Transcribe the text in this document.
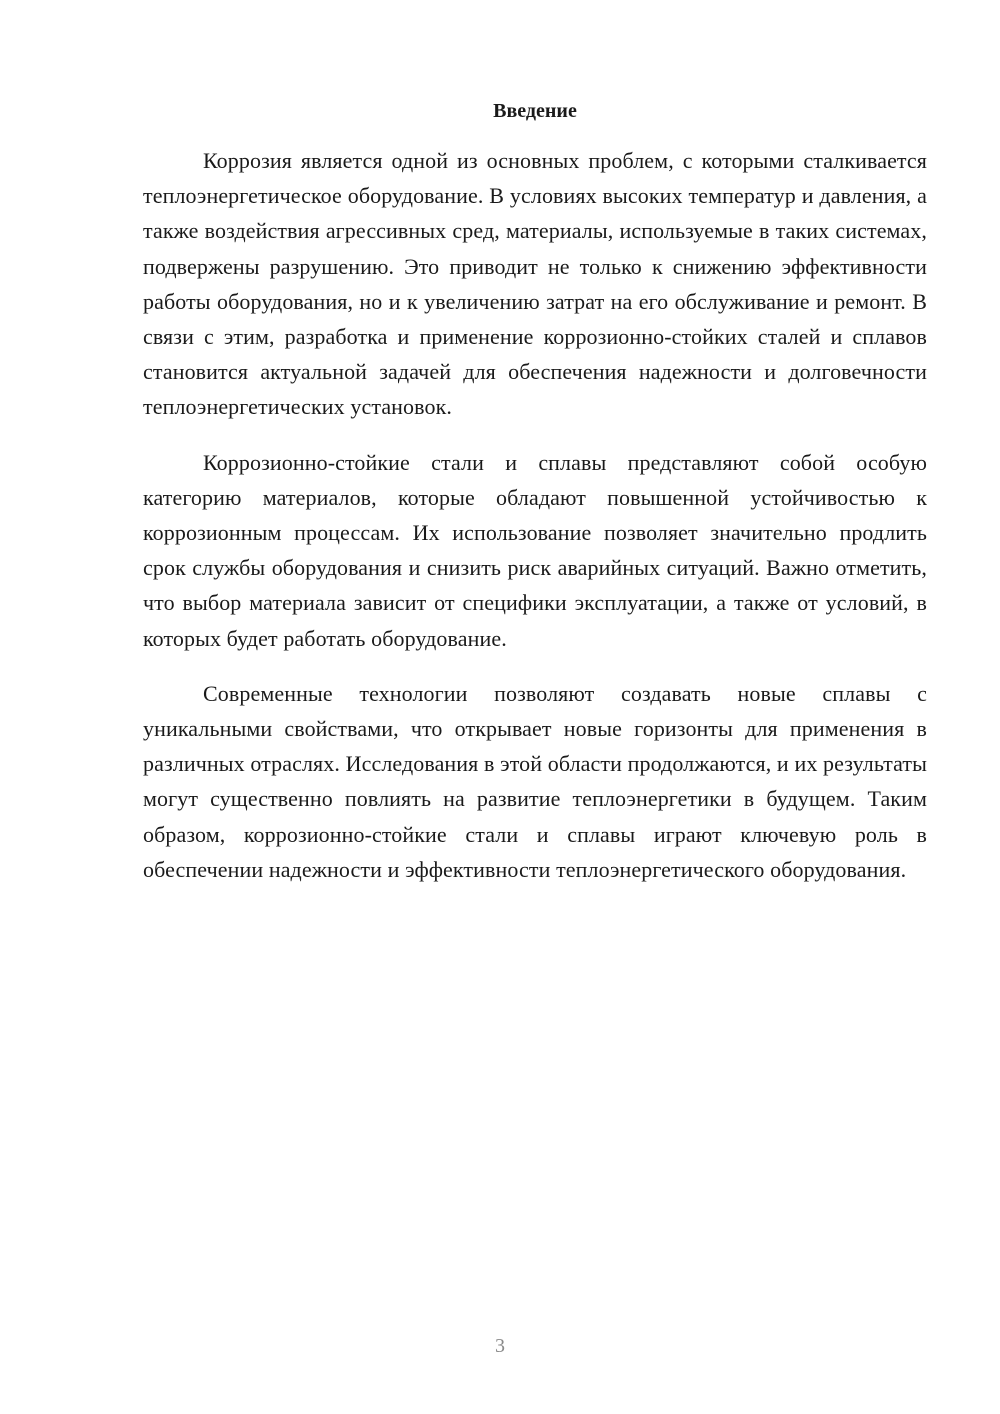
Введение

Коррозия является одной из основных проблем, с которыми сталкивается теплоэнергетическое оборудование. В условиях высоких температур и давления, а также воздействия агрессивных сред, материалы, используемые в таких системах, подвержены разрушению. Это приводит не только к снижению эффективности работы оборудования, но и к увеличению затрат на его обслуживание и ремонт. В связи с этим, разработка и применение коррозионно-стойких сталей и сплавов становится актуальной задачей для обеспечения надежности и долговечности теплоэнергетических установок.

Коррозионно-стойкие стали и сплавы представляют собой особую категорию материалов, которые обладают повышенной устойчивостью к коррозионным процессам. Их использование позволяет значительно продлить срок службы оборудования и снизить риск аварийных ситуаций. Важно отметить, что выбор материала зависит от специфики эксплуатации, а также от условий, в которых будет работать оборудование.

Современные технологии позволяют создавать новые сплавы с уникальными свойствами, что открывает новые горизонты для применения в различных отраслях. Исследования в этой области продолжаются, и их результаты могут существенно повлиять на развитие теплоэнергетики в будущем. Таким образом, коррозионно-стойкие стали и сплавы играют ключевую роль в обеспечении надежности и эффективности теплоэнергетического оборудования.

3
